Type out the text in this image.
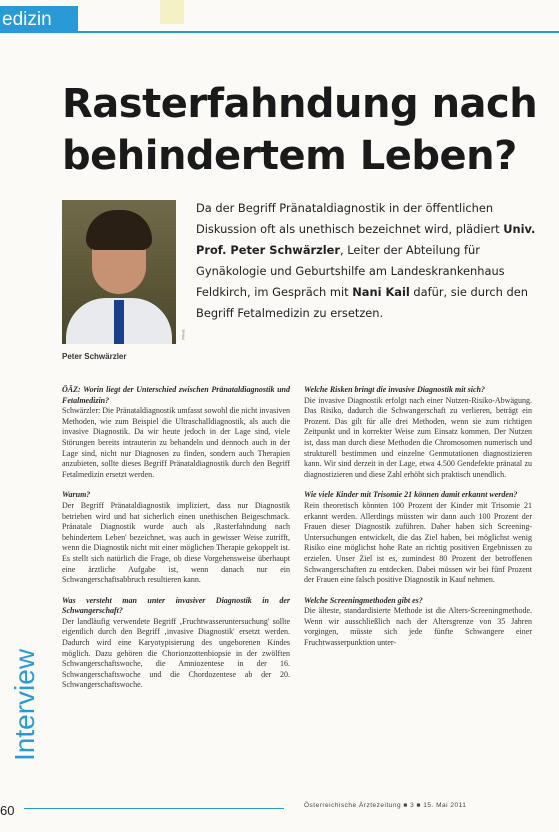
edizin
Rasterfahndung nach behindertem Leben?
Privat
Peter Schwärzler

Da der Begriff Pränataldiagnostik in der öffentlichen Diskussion oft als unethisch bezeichnet wird, plädiert Univ. Prof. Peter Schwärzler, Leiter der Abteilung für Gynäkologie und Geburtshilfe am Landeskrankenhaus Feldkirch, im Gespräch mit Nani Kail dafür, sie durch den Begriff Fetalmedizin zu ersetzen.

ÖÄZ: Worin liegt der Unterschied zwischen Pränataldiagnostik und Fetalmedizin?

Schwärzler: Die Pränataldiagnostik umfasst sowohl die nicht invasiven Methoden, wie zum Beispiel die Ultraschalldiagnostik, als auch die invasive Diagnostik. Da wir heute jedoch in der Lage sind, viele Störungen bereits intrauterin zu behandeln und dennoch auch in der Lage sind, nicht nur Diagnosen zu finden, sondern auch Therapien anzubieten, sollte dieses Begriff Pränataldiagnostik durch den Begriff Fetalmedizin ersetzt werden.

Warum?

Der Begriff Pränataldiagnostik impliziert, dass nur Diagnostik betrieben wird und hat sicherlich einen unethischen Beigeschmack. Pränatale Diagnostik wurde auch als ‚Rasterfahndung nach behindertem Leben' bezeichnet, was auch in gewisser Weise zutrifft, wenn die Diagnostik nicht mit einer möglichen Therapie gekoppelt ist. Es stellt sich natürlich die Frage, ob diese Vorgehensweise überhaupt eine ärztliche Aufgabe ist, wenn danach nur ein Schwangerschaftsabbruch resultieren kann.

Was versteht man unter invasiver Diagnostik in der Schwangerschaft?

Der landläufig verwendete Begriff ‚Fruchtwasseruntersuchung' sollte eigentlich durch den Begriff ‚invasive Diagnostik' ersetzt werden. Dadurch wird eine Karyotypisierung des ungeborenen Kindes möglich. Dazu gehören die Chorionzottenbiopsie in der zwölften Schwangerschaftswoche, die Amniozentese in der 16. Schwangerschaftswoche und die Chordozentese ab der 20. Schwangerschaftswoche.

Welche Risken bringt die invasive Diagnostik mit sich?

Die invasive Diagnostik erfolgt nach einer Nutzen-Risiko-Abwägung. Das Risiko, dadurch die Schwangerschaft zu verlieren, beträgt ein Prozent. Das gilt für alle drei Methoden, wenn sie zum richtigen Zeitpunkt und in korrekter Weise zum Einsatz kommen. Der Nutzen ist, dass man durch diese Methoden die Chromosomen numerisch und strukturell bestimmen und einzelne Genmutationen diagnostizieren kann. Wir sind derzeit in der Lage, etwa 4.500 Gendefekte pränatal zu diagnostizieren und diese Zahl erhöht sich praktisch unendlich.

Wie viele Kinder mit Trisomie 21 können damit erkannt werden?

Rein theoretisch könnten 100 Prozent der Kinder mit Trisomie 21 erkannt werden. Allerdings müssten wir dann auch 100 Prozent der Frauen dieser Diagnostik zuführen. Daher haben sich Screening-Untersuchungen entwickelt, die das Ziel haben, bei möglichst wenig Risiko eine möglichst hohe Rate an richtig positiven Ergebnissen zu erzielen. Unser Ziel ist es, zumindest 80 Prozent der betroffenen Schwangerschaften zu entdecken. Dabei müssen wir bei fünf Prozent der Frauen eine falsch positive Diagnostik in Kauf nehmen.

Welche Screeningmethoden gibt es?

Die älteste, standardisierte Methode ist die Alters-Screeningmethode. Wenn wir ausschließlich nach der Altersgrenze von 35 Jahren vorgingen, müsste sich jede fünfte Schwangere einer Fruchtwasserpunktion unter-

Interview
60	Österreichische Ärztezeitung ■ 3 ■ 15. Mai 2011
